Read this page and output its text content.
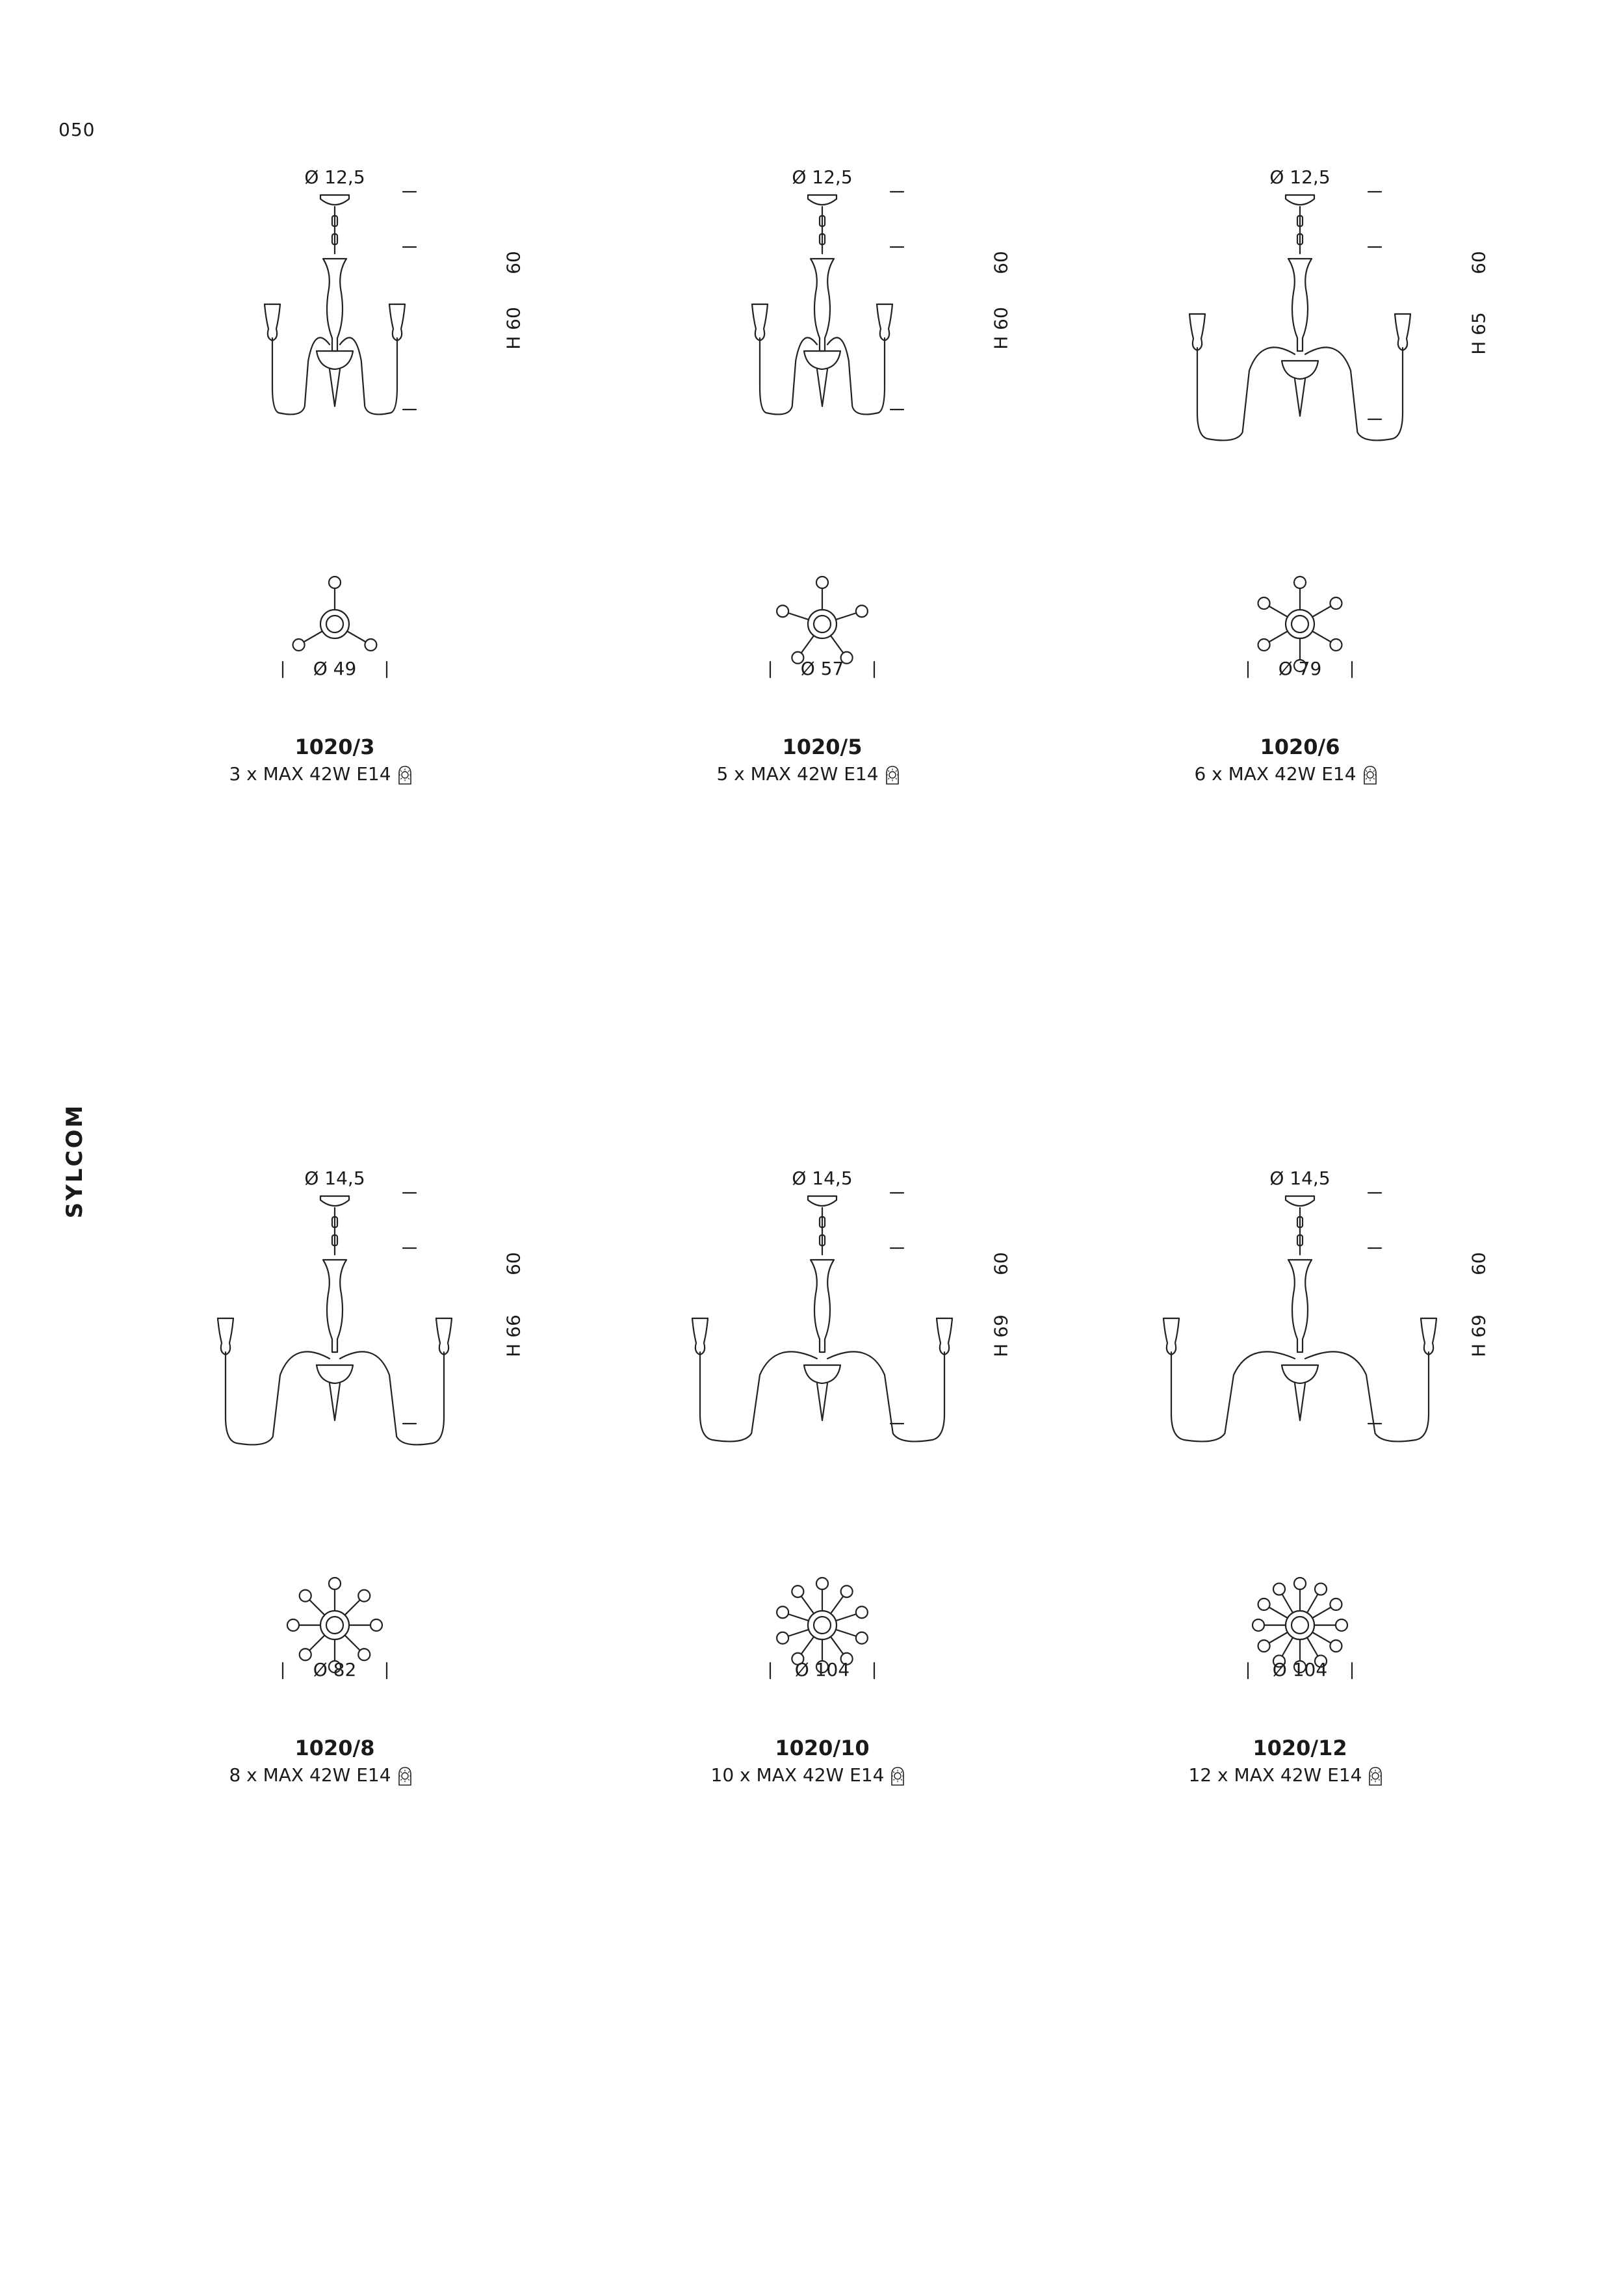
050
SYLCOM
Ø 12,5
60
H 60
Ø 49
1020/3
3 x MAX 42W E14
Ø 12,5
60
H 60
Ø 57
1020/5
5 x MAX 42W E14
Ø 12,5
60
H 65
Ø 79
1020/6
6 x MAX 42W E14
Ø 14,5
60
H 66
Ø 82
1020/8
8 x MAX 42W E14
Ø 14,5
60
H 69
Ø 104
1020/10
10 x MAX 42W E14
Ø 14,5
60
H 69
Ø 104
1020/12
12 x MAX 42W E14
